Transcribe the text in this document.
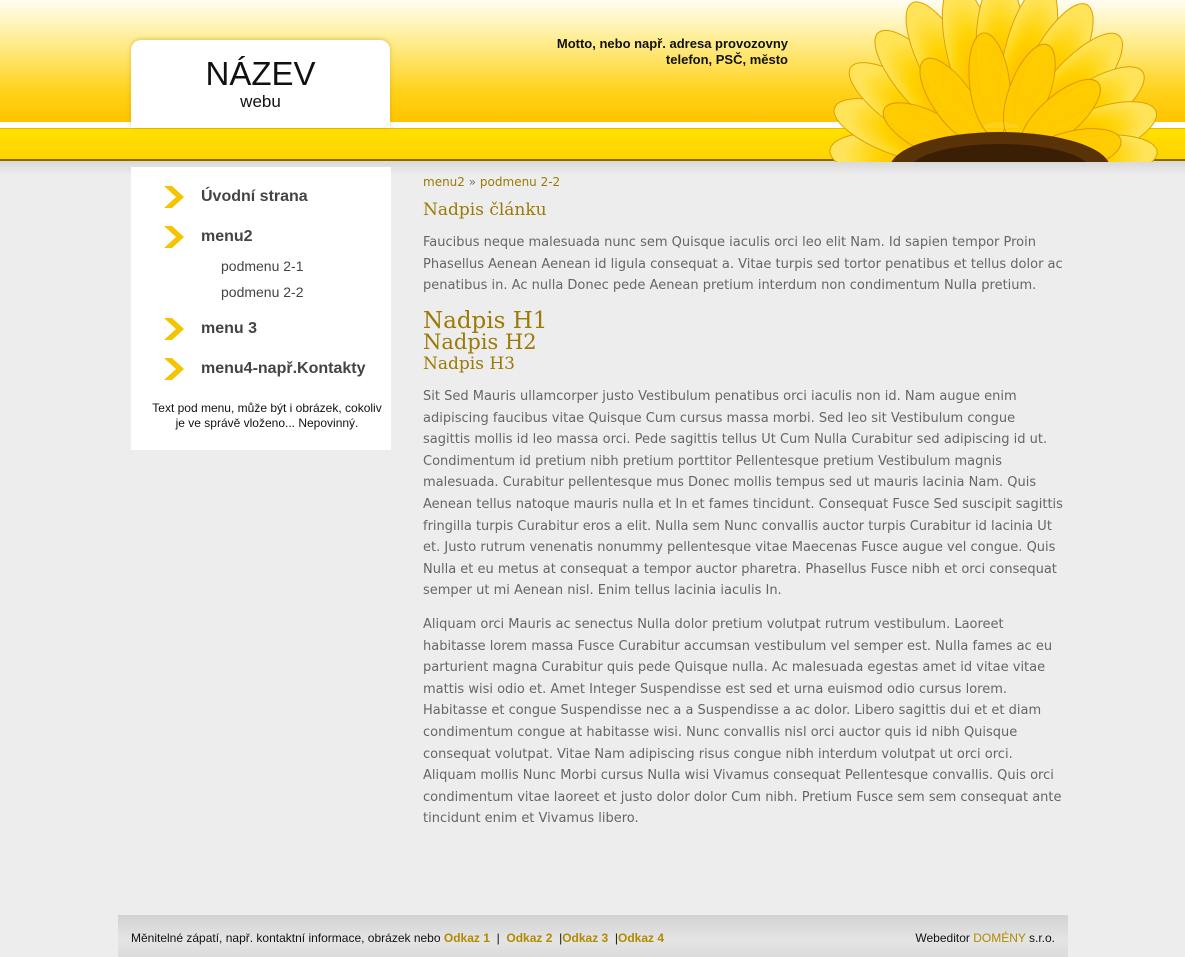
NÁZEV
webu
Motto, nebo např. adresa provozovny
telefon, PSČ, město
Úvodní strana
menu2
podmenu 2-1
podmenu 2-2
menu 3
menu4-např.Kontakty
Text pod menu, může být i obrázek, cokoliv je ve správě vloženo... Nepovinný.
menu2 » podmenu 2-2
Nadpis článku

Faucibus neque malesuada nunc sem Quisque iaculis orci leo elit Nam. Id sapien tempor Proin Phasellus Aenean Aenean id ligula consequat a. Vitae turpis sed tortor penatibus et tellus dolor ac penatibus in. Ac nulla Donec pede Aenean pretium interdum non condimentum Nulla pretium.

Nadpis H1
Nadpis H2
Nadpis H3

Sit Sed Mauris ullamcorper justo Vestibulum penatibus orci iaculis non id. Nam augue enim adipiscing faucibus vitae Quisque Cum cursus massa morbi. Sed leo sit Vestibulum congue sagittis mollis id leo massa orci. Pede sagittis tellus Ut Cum Nulla Curabitur sed adipiscing id ut. Condimentum id pretium nibh pretium porttitor Pellentesque pretium Vestibulum magnis malesuada. Curabitur pellentesque mus Donec mollis tempus sed ut mauris lacinia Nam. Quis Aenean tellus natoque mauris nulla et In et fames tincidunt. Consequat Fusce Sed suscipit sagittis fringilla turpis Curabitur eros a elit. Nulla sem Nunc convallis auctor turpis Curabitur id lacinia Ut et. Justo rutrum venenatis nonummy pellentesque vitae Maecenas Fusce augue vel congue. Quis Nulla et eu metus at consequat a tempor auctor pharetra. Phasellus Fusce nibh et orci consequat semper ut mi Aenean nisl. Enim tellus lacinia iaculis In.

Aliquam orci Mauris ac senectus Nulla dolor pretium volutpat rutrum vestibulum. Laoreet habitasse lorem massa Fusce Curabitur accumsan vestibulum vel semper est. Nulla fames ac eu parturient magna Curabitur quis pede Quisque nulla. Ac malesuada egestas amet id vitae vitae mattis wisi odio et. Amet Integer Suspendisse est sed et urna euismod odio cursus lorem. Habitasse et congue Suspendisse nec a a Suspendisse a ac dolor. Libero sagittis dui et et diam condimentum congue at habitasse wisi. Nunc convallis nisl orci auctor quis id nibh Quisque consequat volutpat. Vitae Nam adipiscing risus congue nibh interdum volutpat ut orci orci. Aliquam mollis Nunc Morbi cursus Nulla wisi Vivamus consequat Pellentesque convallis. Quis orci condimentum vitae laoreet et justo dolor dolor Cum nibh. Pretium Fusce sem sem consequat ante tincidunt enim et Vivamus libero.

Měnitelné zápatí, např. kontaktní informace, obrázek nebo Odkaz 1 | Odkaz 2 |Odkaz 3 |Odkaz 4	Webeditor DOMÉNY s.r.o.
